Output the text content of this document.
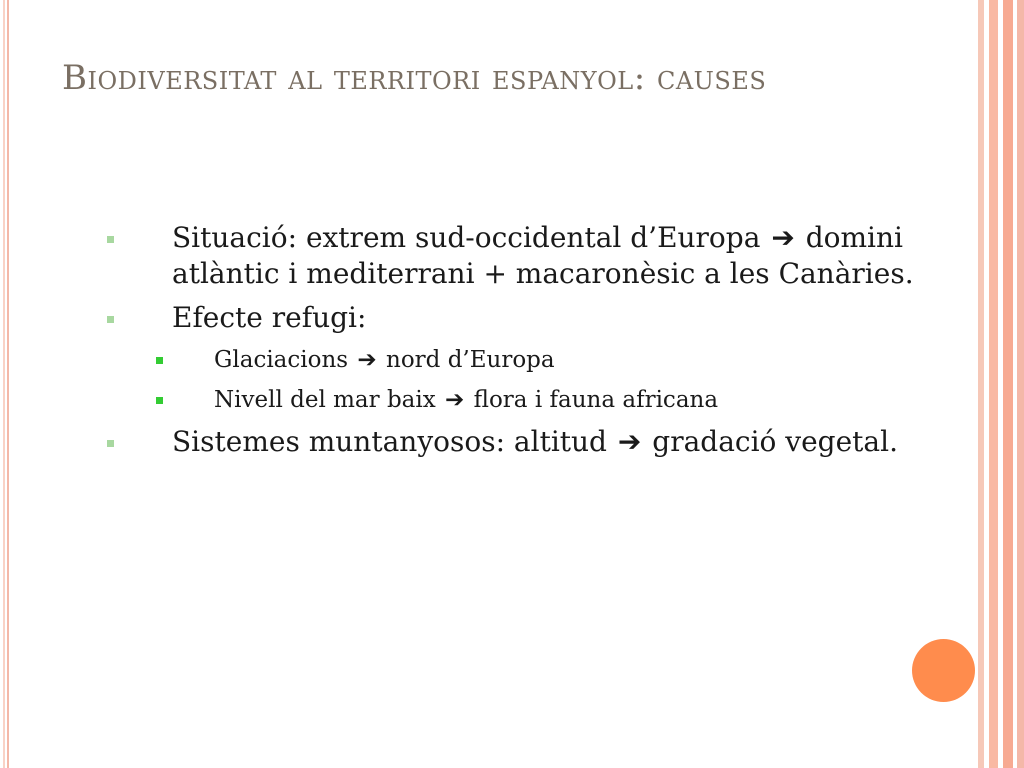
Biodiversitat al territori espanyol: causes
Situació: extrem sud-occidental d’Europa ➔ domini atlàntic i mediterrani + macaronèsic a les Canàries.
Efecte refugi:
Glaciacions ➔ nord d’Europa
Nivell del mar baix ➔ flora i fauna africana
Sistemes muntanyosos: altitud ➔ gradació vegetal.
